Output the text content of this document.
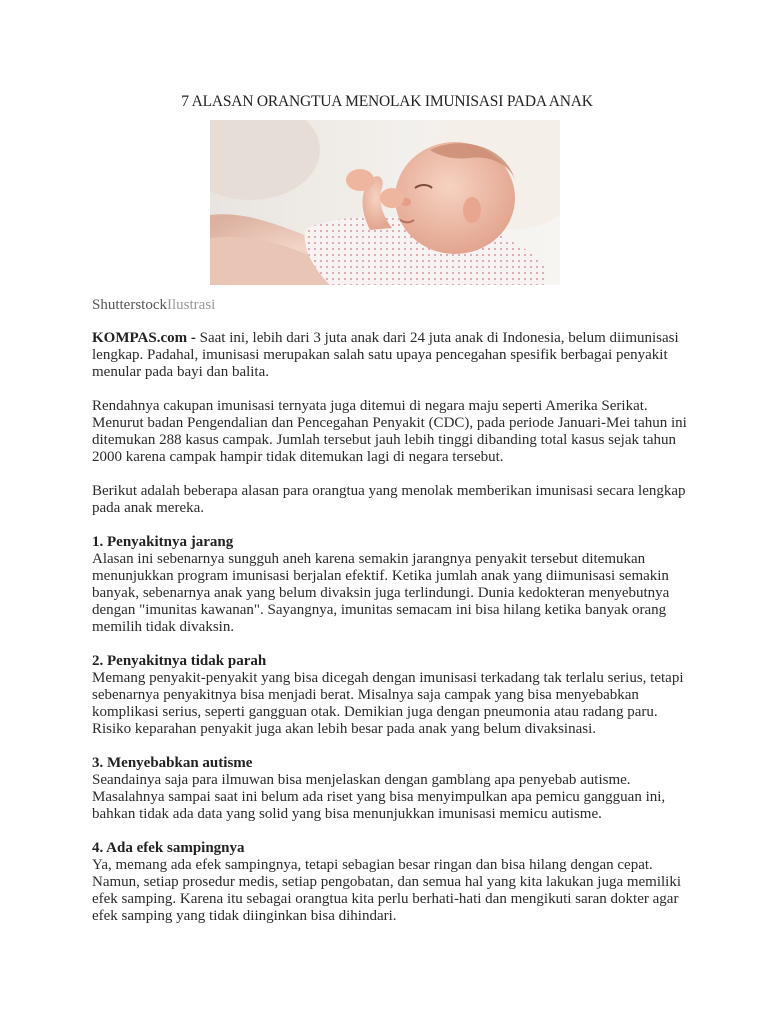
7 ALASAN ORANGTUA MENOLAK IMUNISASI PADA ANAK
ShutterstockIlustrasi

KOMPAS.com - Saat ini, lebih dari 3 juta anak dari 24 juta anak di Indonesia, belum diimunisasi lengkap. Padahal, imunisasi merupakan salah satu upaya pencegahan spesifik berbagai penyakit menular pada bayi dan balita.

Rendahnya cakupan imunisasi ternyata juga ditemui di negara maju seperti Amerika Serikat. Menurut badan Pengendalian dan Pencegahan Penyakit (CDC), pada periode Januari-Mei tahun ini ditemukan 288 kasus campak. Jumlah tersebut jauh lebih tinggi dibanding total kasus sejak tahun 2000 karena campak hampir tidak ditemukan lagi di negara tersebut.

Berikut adalah beberapa alasan para orangtua yang menolak memberikan imunisasi secara lengkap pada anak mereka.

1. Penyakitnya jarang

Alasan ini sebenarnya sungguh aneh karena semakin jarangnya penyakit tersebut ditemukan menunjukkan program imunisasi berjalan efektif. Ketika jumlah anak yang diimunisasi semakin banyak, sebenarnya anak yang belum divaksin juga terlindungi. Dunia kedokteran menyebutnya dengan "imunitas kawanan". Sayangnya, imunitas semacam ini bisa hilang ketika banyak orang memilih tidak divaksin.

2. Penyakitnya tidak parah

Memang penyakit-penyakit yang bisa dicegah dengan imunisasi terkadang tak terlalu serius, tetapi sebenarnya penyakitnya bisa menjadi berat. Misalnya saja campak yang bisa menyebabkan komplikasi serius, seperti gangguan otak. Demikian juga dengan pneumonia atau radang paru. Risiko keparahan penyakit juga akan lebih besar pada anak yang belum divaksinasi.

3. Menyebabkan autisme

Seandainya saja para ilmuwan bisa menjelaskan dengan gamblang apa penyebab autisme. Masalahnya sampai saat ini belum ada riset yang bisa menyimpulkan apa pemicu gangguan ini, bahkan tidak ada data yang solid yang bisa menunjukkan imunisasi memicu autisme.

4. Ada efek sampingnya

Ya, memang ada efek sampingnya, tetapi sebagian besar ringan dan bisa hilang dengan cepat. Namun, setiap prosedur medis, setiap pengobatan, dan semua hal yang kita lakukan juga memiliki efek samping. Karena itu sebagai orangtua kita perlu berhati-hati dan mengikuti saran dokter agar efek samping yang tidak diinginkan bisa dihindari.
